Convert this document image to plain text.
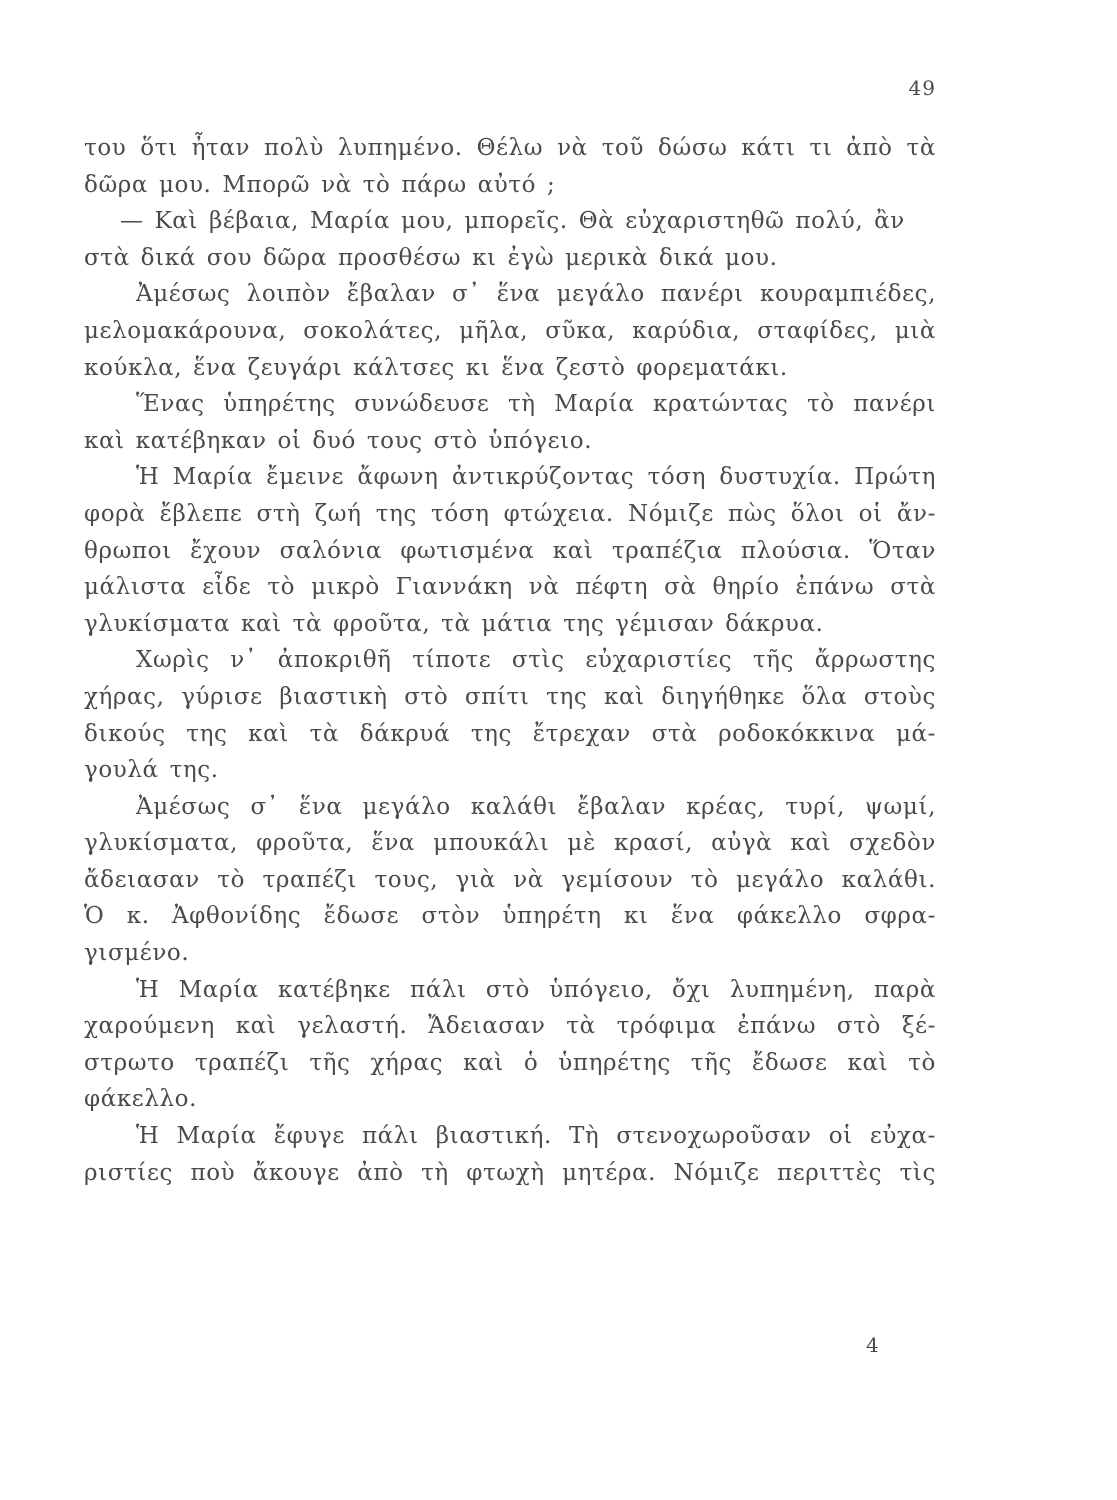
49
του ὅτι ἦταν πολὺ λυπημένο. Θέλω νὰ τοῦ δώσω κάτι τι ἀπὸ τὰ
δῶρα μου. Μπορῶ νὰ τὸ πάρω αὐτό ;
— Καὶ βέβαια, Μαρία μου, μπορεῖς. Θὰ εὐχαριστηθῶ πολύ, ἂν
στὰ δικά σου δῶρα προσθέσω κι ἐγὼ μερικὰ δικά μου.
Ἀμέσως λοιπὸν ἔβαλαν σ᾽ ἕνα μεγάλο πανέρι κουραμπιέδες,
μελομακάρουνα, σοκολάτες, μῆλα, σῦκα, καρύδια, σταφίδες, μιὰ
κούκλα, ἕνα ζευγάρι κάλτσες κι ἕνα ζεστὸ φορεματάκι.
Ἕνας ὑπηρέτης συνώδευσε τὴ Μαρία κρατώντας τὸ πανέρι
καὶ κατέβηκαν οἱ δυό τους στὸ ὑπόγειο.
Ἡ Μαρία ἔμεινε ἄφωνη ἀντικρύζοντας τόση δυστυχία. Πρώτη
φορὰ ἔβλεπε στὴ ζωή της τόση φτώχεια. Νόμιζε πὼς ὅλοι οἱ ἄν-
θρωποι ἔχουν σαλόνια φωτισμένα καὶ τραπέζια πλούσια. Ὅταν
μάλιστα εἶδε τὸ μικρὸ Γιαννάκη νὰ πέφτη σὰ θηρίο ἐπάνω στὰ
γλυκίσματα καὶ τὰ φροῦτα, τὰ μάτια της γέμισαν δάκρυα.
Χωρὶς ν᾽ ἀποκριθῆ τίποτε στὶς εὐχαριστίες τῆς ἄρρωστης
χήρας, γύρισε βιαστικὴ στὸ σπίτι της καὶ διηγήθηκε ὅλα στοὺς
δικούς της καὶ τὰ δάκρυά της ἔτρεχαν στὰ ροδοκόκκινα μά-
γουλά της.
Ἀμέσως σ᾽ ἕνα μεγάλο καλάθι ἔβαλαν κρέας, τυρί, ψωμί,
γλυκίσματα, φροῦτα, ἕνα μπουκάλι μὲ κρασί, αὐγὰ καὶ σχεδὸν
ἄδειασαν τὸ τραπέζι τους, γιὰ νὰ γεμίσουν τὸ μεγάλο καλάθι.
Ὁ κ. Ἀφθονίδης ἔδωσε στὸν ὑπηρέτη κι ἕνα φάκελλο σφρα-
γισμένο.
Ἡ Μαρία κατέβηκε πάλι στὸ ὑπόγειο, ὄχι λυπημένη, παρὰ
χαρούμενη καὶ γελαστή. Ἄδειασαν τὰ τρόφιμα ἐπάνω στὸ ξέ-
στρωτο τραπέζι τῆς χήρας καὶ ὁ ὑπηρέτης τῆς ἔδωσε καὶ τὸ
φάκελλο.
Ἡ Μαρία ἔφυγε πάλι βιαστική. Τὴ στενοχωροῦσαν οἱ εὐχα-
ριστίες ποὺ ἄκουγε ἀπὸ τὴ φτωχὴ μητέρα. Νόμιζε περιττὲς τὶς
4
